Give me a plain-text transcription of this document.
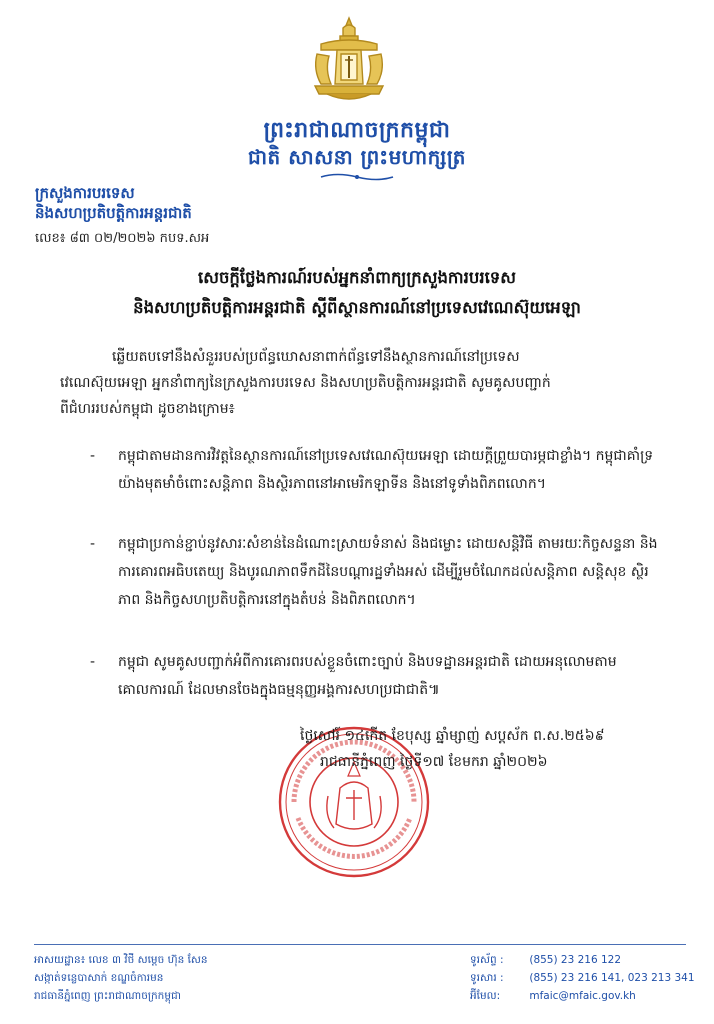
ព្រះរាជាណាចក្រកម្ពុជា
ជាតិ សាសនា ព្រះមហាក្សត្រ
ក្រសួងការបរទេស
និងសហប្រតិបត្តិការអន្តរជាតិ
លេខ៖ ៨៣ ០២/២០២៦ កបទ.សអ
សេចក្ដីថ្លែងការណ៍របស់អ្នកនាំពាក្យក្រសួងការបរទេស
និងសហប្រតិបត្តិការអន្តរជាតិ ស្ដីពីស្ថានការណ៍នៅប្រទេសវេណេស៊ុយអេឡា
ឆ្លើយតបទៅនឹងសំនួររបស់ប្រព័ន្ធឃោសនាពាក់ព័ន្ធទៅនឹងស្ថានការណ៍នៅប្រទេស
វេណេស៊ុយអេឡា អ្នកនាំពាក្យនៃក្រសួងការបរទេស និងសហប្រតិបត្តិការអន្តរជាតិ សូមគូសបញ្ជាក់
ពីជំហររបស់កម្ពុជា ដូចខាងក្រោម៖
-	កម្ពុជាតាមដានការវិវត្តនៃស្ថានការណ៍នៅប្រទេសវេណេស៊ុយអេឡា ដោយក្ដីព្រួយបារម្ភជាខ្លាំង។ កម្ពុជាគាំទ្រយ៉ាងមុតមាំចំពោះសន្តិភាព និងស្ថិរភាពនៅអាមេរិកឡាទីន និងនៅទូទាំងពិភពលោក។
-	កម្ពុជាប្រកាន់ខ្ជាប់នូវសារៈសំខាន់នៃដំណោះស្រាយទំនាស់ និងជម្លោះ ដោយសន្តិវិធី តាមរយៈកិច្ចសន្ទនា និងការគោរពអធិបតេយ្យ និងបូរណភាពទឹកដីនៃបណ្ដារដ្ឋទាំងអស់ ដើម្បីរួមចំណែកដល់សន្តិភាព សន្តិសុខ ស្ថិរភាព និងកិច្ចសហប្រតិបត្តិការនៅក្នុងតំបន់ និងពិភពលោក។
-	កម្ពុជា សូមគូសបញ្ជាក់អំពីការគោរពរបស់ខ្លួនចំពោះច្បាប់ និងបទដ្ឋានអន្តរជាតិ ដោយអនុលោមតាមគោលការណ៍ ដែលមានចែងក្នុងធម្មនុញ្ញអង្គការសហប្រជាជាតិ៕
ថ្ងៃសៅរ៍ ១៤កើត ខែបុស្ស ឆ្នាំម្សាញ់ សប្តស័ក ព.ស.២៥៦៩
រាជធានីភ្នំពេញ ថ្ងៃទី១៧ ខែមករា ឆ្នាំ២០២៦
អាសយដ្ឋាន៖ លេខ ៣ វិថី សម្ដេច ហ៊ុន សែន
សង្កាត់ទន្លេបាសាក់ ខណ្ឌចំការមន
រាជធានីភ្នំពេញ ព្រះរាជាណាចក្រកម្ពុជា
ទូរស័ព្ទ : (855) 23 216 122
ទូរសារ : (855) 23 216 141, 023 213 341
អ៊ីមែល:	mfaic@mfaic.gov.kh
